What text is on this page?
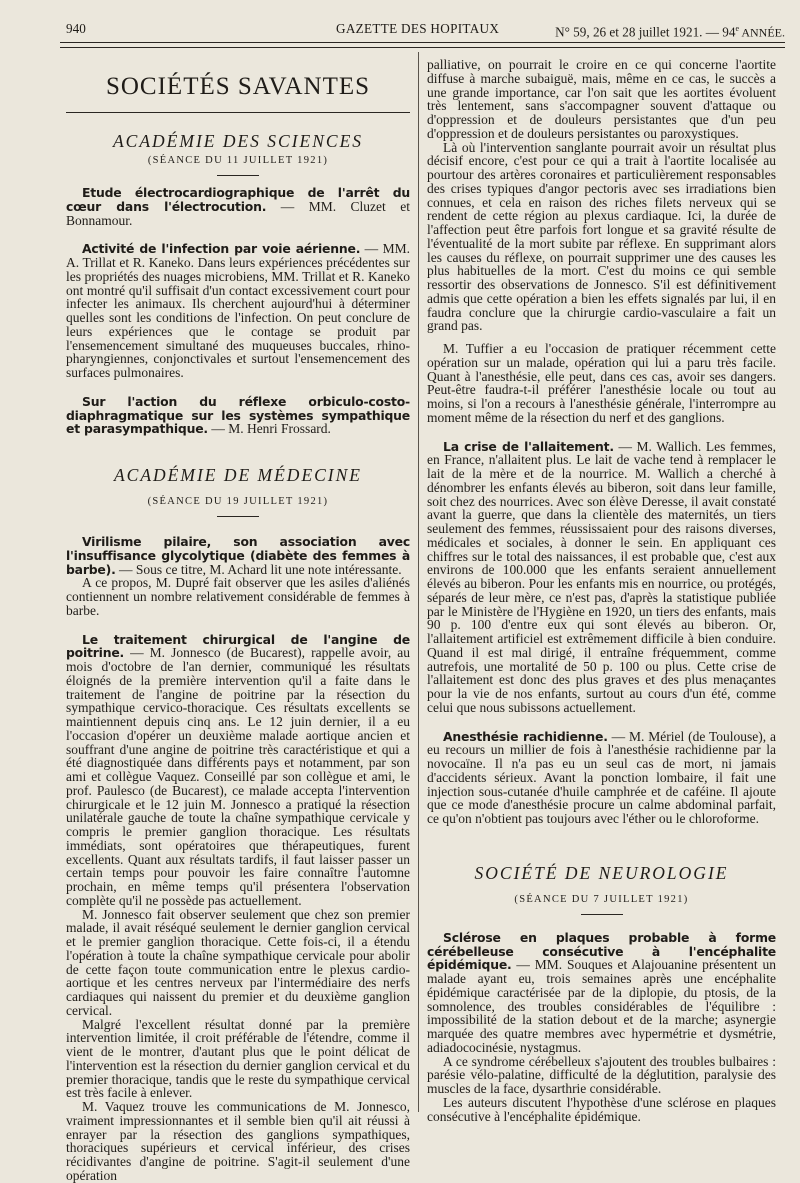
940	GAZETTE DES HOPITAUX	N° 59, 26 et 28 juillet 1921. — 94e ANNÉE.
SOCIÉTÉS SAVANTES
ACADÉMIE DES SCIENCES
(SÉANCE DU 11 JUILLET 1921)

Etude électrocardiographique de l'arrêt du cœur dans l'électrocution. — MM. Cluzet et Bonnamour.

Activité de l'infection par voie aérienne. — MM. A. Trillat et R. Kaneko. Dans leurs expériences précédentes sur les propriétés des nuages microbiens, MM. Trillat et R. Kaneko ont montré qu'il suffisait d'un contact excessivement court pour infecter les animaux. Ils cherchent aujourd'hui à déterminer quelles sont les conditions de l'infection. On peut conclure de leurs expériences que le contage se produit par l'ensemencement simultané des muqueuses buccales, rhino-pharyngiennes, conjonctivales et surtout l'ensemencement des surfaces pulmonaires.

Sur l'action du réflexe orbiculo-costo-diaphragmatique sur les systèmes sympathique et parasympathique. — M. Henri Frossard.

ACADÉMIE DE MÉDECINE
(SÉANCE DU 19 JUILLET 1921)

Virilisme pilaire, son association avec l'insuffisance glycolytique (diabète des femmes à barbe). — Sous ce titre, M. Achard lit une note intéressante.

A ce propos, M. Dupré fait observer que les asiles d'aliénés contiennent un nombre relativement considérable de femmes à barbe.

Le traitement chirurgical de l'angine de poitrine. — M. Jonnesco (de Bucarest), rappelle avoir, au mois d'octobre de l'an dernier, communiqué les résultats éloignés de la première intervention qu'il a faite dans le traitement de l'angine de poitrine par la résection du sympathique cervico-thoracique. Ces résultats excellents se maintiennent depuis cinq ans. Le 12 juin dernier, il a eu l'occasion d'opérer un deuxième malade aortique ancien et souffrant d'une angine de poitrine très caractéristique et qui a été diagnostiquée dans différents pays et notamment, par son ami et collègue Vaquez. Conseillé par son collègue et ami, le prof. Paulesco (de Bucarest), ce malade accepta l'intervention chirurgicale et le 12 juin M. Jonnesco a pratiqué la résection unilatérale gauche de toute la chaîne sympathique cervicale y compris le premier ganglion thoracique. Les résultats immédiats, sont opératoires que thérapeutiques, furent excellents. Quant aux résultats tardifs, il faut laisser passer un certain temps pour pouvoir les faire connaître l'automne prochain, en même temps qu'il présentera l'observation complète qu'il ne possède pas actuellement.

M. Jonnesco fait observer seulement que chez son premier malade, il avait réséqué seulement le dernier ganglion cervical et le premier ganglion thoracique. Cette fois-ci, il a étendu l'opération à toute la chaîne sympathique cervicale pour abolir de cette façon toute communication entre le plexus cardio-aortique et les centres nerveux par l'intermédiaire des nerfs cardiaques qui naissent du premier et du deuxième ganglion cervical.

Malgré l'excellent résultat donné par la première intervention limitée, il croit préférable de l'étendre, comme il vient de le montrer, d'autant plus que le point délicat de l'intervention est la résection du dernier ganglion cervical et du premier thoracique, tandis que le reste du sympathique cervical est très facile à enlever.

M. Vaquez trouve les communications de M. Jonnesco, vraiment impressionnantes et il semble bien qu'il ait réussi à enrayer par la résection des ganglions sympathiques, thoraciques supérieurs et cervical inférieur, des crises récidivantes d'angine de poitrine. S'agit-il seulement d'une opération

palliative, on pourrait le croire en ce qui concerne l'aortite diffuse à marche subaiguë, mais, même en ce cas, le succès a une grande importance, car l'on sait que les aortites évoluent très lentement, sans s'accompagner souvent d'attaque ou d'oppression et de douleurs persistantes que d'un peu d'oppression et de douleurs persistantes ou paroxystiques.

Là où l'intervention sanglante pourrait avoir un résultat plus décisif encore, c'est pour ce qui a trait à l'aortite localisée au pourtour des artères coronaires et particulièrement responsables des crises typiques d'angor pectoris avec ses irradiations bien connues, et cela en raison des riches filets nerveux qui se rendent de cette région au plexus cardiaque. Ici, la durée de l'affection peut être parfois fort longue et sa gravité résulte de l'éventualité de la mort subite par réflexe. En supprimant alors les causes du réflexe, on pourrait supprimer une des causes les plus habituelles de la mort. C'est du moins ce qui semble ressortir des observations de Jonnesco. S'il est définitivement admis que cette opération a bien les effets signalés par lui, il en faudra conclure que la chirurgie cardio-vasculaire a fait un grand pas.

M. Tuffier a eu l'occasion de pratiquer récemment cette opération sur un malade, opération qui lui a paru très facile. Quant à l'anesthésie, elle peut, dans ces cas, avoir ses dangers. Peut-être faudra-t-il préférer l'anesthésie locale ou tout au moins, si l'on a recours à l'anesthésie générale, l'interrompre au moment même de la résection du nerf et des ganglions.

La crise de l'allaitement. — M. Wallich. Les femmes, en France, n'allaitent plus. Le lait de vache tend à remplacer le lait de la mère et de la nourrice. M. Wallich a cherché à dénombrer les enfants élevés au biberon, soit dans leur famille, soit chez des nourrices. Avec son élève Deresse, il avait constaté avant la guerre, que dans la clientèle des maternités, un tiers seulement des femmes, réussissaient pour des raisons diverses, médicales et sociales, à donner le sein. En appliquant ces chiffres sur le total des naissances, il est probable que, c'est aux environs de 100.000 que les enfants seraient annuellement élevés au biberon. Pour les enfants mis en nourrice, ou protégés, séparés de leur mère, ce n'est pas, d'après la statistique publiée par le Ministère de l'Hygiène en 1920, un tiers des enfants, mais 90 p. 100 d'entre eux qui sont élevés au biberon. Or, l'allaitement artificiel est extrêmement difficile à bien conduire. Quand il est mal dirigé, il entraîne fréquemment, comme autrefois, une mortalité de 50 p. 100 ou plus. Cette crise de l'allaitement est donc des plus graves et des plus menaçantes pour la vie de nos enfants, surtout au cours d'un été, comme celui que nous subissons actuellement.

Anesthésie rachidienne. — M. Mériel (de Toulouse), a eu recours un millier de fois à l'anesthésie rachidienne par la novocaïne. Il n'a pas eu un seul cas de mort, ni jamais d'accidents sérieux. Avant la ponction lombaire, il fait une injection sous-cutanée d'huile camphrée et de caféine. Il ajoute que ce mode d'anesthésie procure un calme abdominal parfait, ce qu'on n'obtient pas toujours avec l'éther ou le chloroforme.

SOCIÉTÉ DE NEUROLOGIE
(SÉANCE DU 7 JUILLET 1921)

Sclérose en plaques probable à forme cérébelleuse consécutive à l'encéphalite épidémique. — MM. Souques et Alajouanine présentent un malade ayant eu, trois semaines après une encéphalite épidémique caractérisée par de la diplopie, du ptosis, de la somnolence, des troubles considérables de l'équilibre : impossibilité de la station debout et de la marche; asynergie marquée des quatre membres avec hypermétrie et dysmétrie, adiadococinésie, nystagmus.

A ce syndrome cérébelleux s'ajoutent des troubles bulbaires : parésie vélo-palatine, difficulté de la déglutition, paralysie des muscles de la face, dysarthrie considérable.

Les auteurs discutent l'hypothèse d'une sclérose en plaques consécutive à l'encéphalite épidémique.
